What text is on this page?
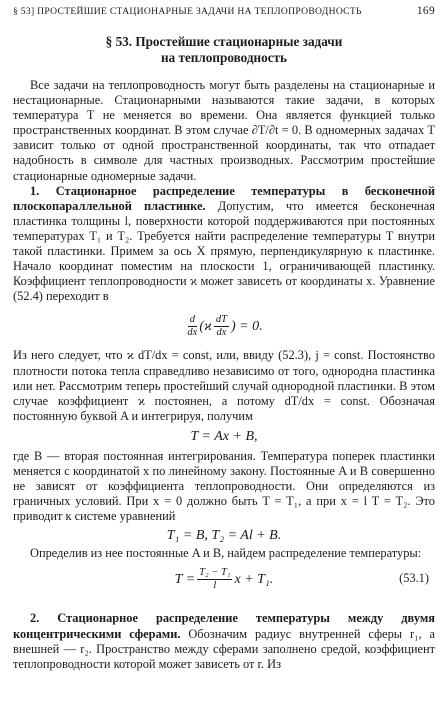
§ 53] ПРОСТЕЙШИЕ СТАЦИОНАРНЫЕ ЗАДАЧИ НА ТЕПЛОПРОВОДНОСТЬ	169
§ 53. Простейшие стационарные задачи
на теплопроводность

Все задачи на теплопроводность могут быть разделены на стационарные и нестационарные. Стационарными называются такие задачи, в которых температура T не меняется во времени. Она является функцией только пространственных координат. В этом случае ∂T/∂t = 0. В одномерных задачах T зависит только от одной пространственной координаты, так что отпадает надобность в символе для частных производных. Рассмотрим простейшие стационарные одномерные задачи.

1. Стационарное распределение температуры в бесконечной плоскопараллельной пластинке. Допустим, что имеется бесконечная пластинка толщины l, поверхности которой поддерживаются при постоянных температурах T₁ и T₂. Требуется найти распределение температуры T внутри такой пластинки. Примем за ось X прямую, перпендикулярную к пластинке. Начало координат поместим на плоскости 1, ограничивающей пластинку. Коэффициент теплопроводности ϰ может зависеть от координаты x. Уравнение (52.4) переходит в

$\frac{d}{dx} (ϰ \frac{dT}{dx}$ ) = 0.

Из него следует, что ϰ dT/dx = const, или, ввиду (52.3), j = const. Постоянство плотности потока тепла справедливо независимо от того, однородна пластинка или нет. Рассмотрим теперь простейший случай однородной пластинки. В этом случае коэффициент ϰ постоянен, а потому dT/dx = const. Обозначая постоянную буквой A и интегрируя, получим

T = Ax + B,

где B — вторая постоянная интегрирования. Температура поперек пластинки меняется с координатой x по линейному закону. Постоянные A и B совершенно не зависят от коэффициента теплопроводности. Они определяются из граничных условий. При x = 0 должно быть T = T₁, а при x = l T = T₂. Это приводит к системе уравнений

T₁ = B, T₂ = Al + B.

Определив из нее постоянные A и B, найдем распределение температуры:

$T = \frac{\text{T₂ − T₁}}{l}$ x + T₁.	(53.1)

2. Стационарное распределение температуры между двумя концентрическими сферами. Обозначим радиус внутренней сферы r₁, а внешней — r₂. Пространство между сферами заполнено средой, коэффициент теплопроводности которой может зависеть от r. Из
